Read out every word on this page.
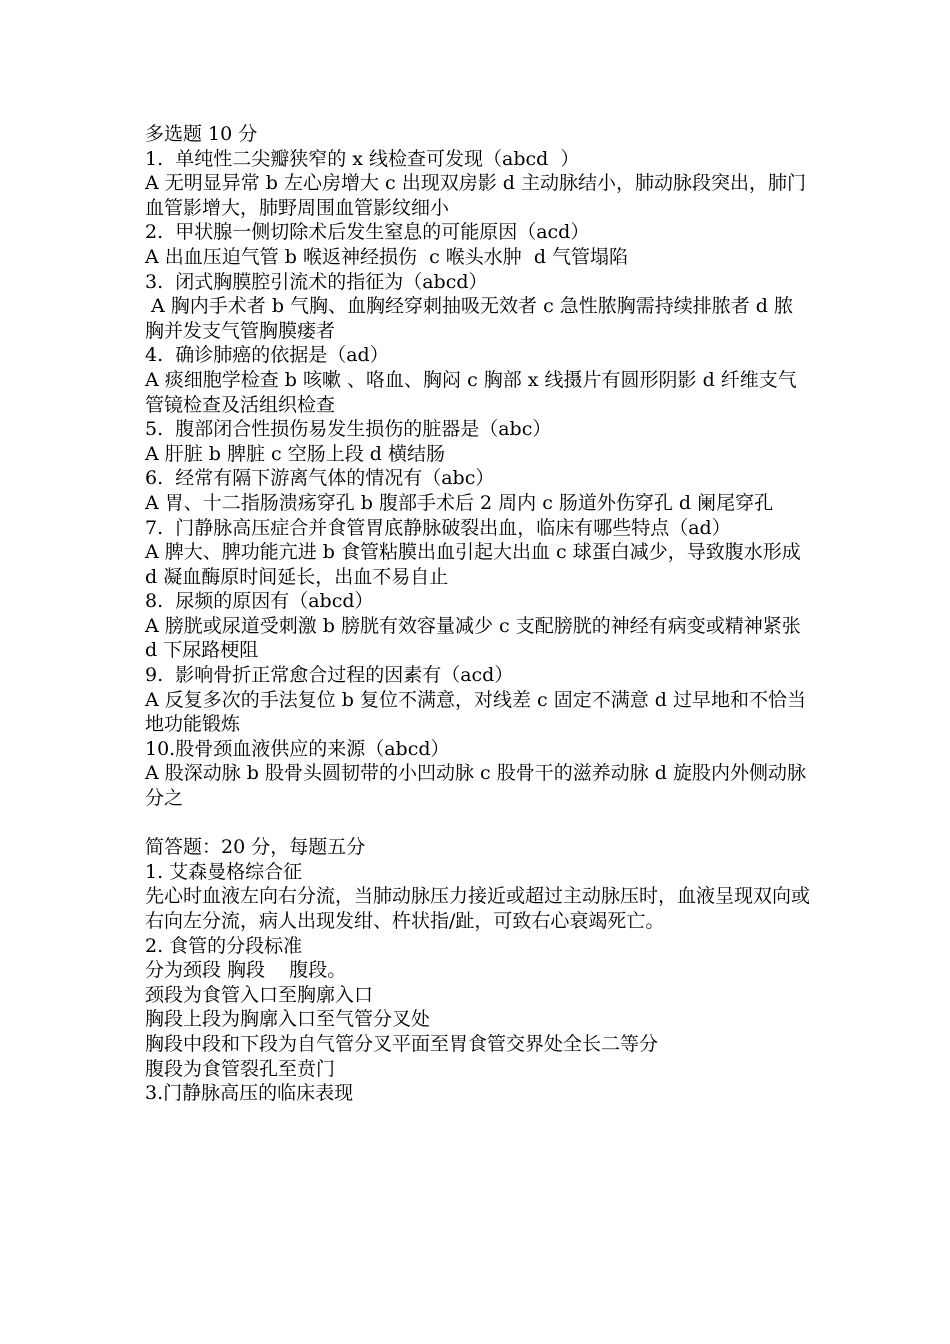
多选题 10 分
1.  单纯性二尖瓣狭窄的 x 线检查可发现（abcd  ）
A 无明显异常 b 左心房增大 c 出现双房影 d 主动脉结小，肺动脉段突出，肺门血管影增大，肺野周围血管影纹细小
2.  甲状腺一侧切除术后发生窒息的可能原因（acd）
A 出血压迫气管 b 喉返神经损伤  c 喉头水肿  d 气管塌陷
3.  闭式胸膜腔引流术的指征为（abcd）
A 胸内手术者 b 气胸、血胸经穿刺抽吸无效者 c 急性脓胸需持续排脓者 d 脓胸并发支气管胸膜瘘者
4.  确诊肺癌的依据是（ad）
A 痰细胞学检查 b 咳嗽 、咯血、胸闷 c 胸部 x 线摄片有圆形阴影 d 纤维支气管镜检查及活组织检查
5.  腹部闭合性损伤易发生损伤的脏器是（abc）
A 肝脏 b 脾脏 c 空肠上段 d 横结肠
6.  经常有隔下游离气体的情况有（abc）
A 胃、十二指肠溃疡穿孔 b 腹部手术后 2 周内 c 肠道外伤穿孔 d 阑尾穿孔
7.  门静脉高压症合并食管胃底静脉破裂出血，临床有哪些特点（ad）
A 脾大、脾功能亢进 b 食管粘膜出血引起大出血 c 球蛋白减少，导致腹水形成 d 凝血酶原时间延长，出血不易自止
8.  尿频的原因有（abcd）
A 膀胱或尿道受刺激 b 膀胱有效容量减少 c 支配膀胱的神经有病变或精神紧张 d 下尿路梗阻
9.  影响骨折正常愈合过程的因素有（acd）
A 反复多次的手法复位 b 复位不满意，对线差 c 固定不满意 d 过早地和不恰当地功能锻炼
10.股骨颈血液供应的来源（abcd）
A 股深动脉 b 股骨头圆韧带的小凹动脉 c 股骨干的滋养动脉 d 旋股内外侧动脉分之
简答题：20 分，每题五分
1. 艾森曼格综合征
先心时血液左向右分流，当肺动脉压力接近或超过主动脉压时，血液呈现双向或右向左分流，病人出现发绀、杵状指/趾，可致右心衰竭死亡。
2. 食管的分段标准
分为颈段 胸段    腹段。
颈段为食管入口至胸廓入口
胸段上段为胸廓入口至气管分叉处
胸段中段和下段为自气管分叉平面至胃食管交界处全长二等分
腹段为食管裂孔至贲门
3.门静脉高压的临床表现
